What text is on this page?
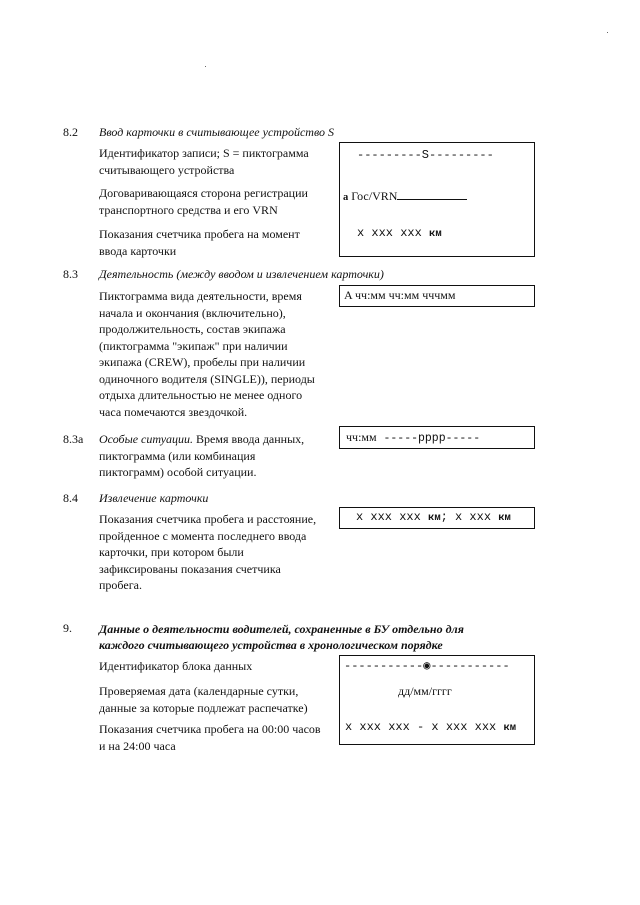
8.2 Ввод карточки в считывающее устройство S
Идентификатор записи; S = пиктограмма
считывающего устройства
Договаривающаяся сторона регистрации
транспортного средства и его VRN
Показания счетчика пробега на момент
ввода карточки
---------S---------
a Гос/VRN
x xxx xxx км
8.3 Деятельность (между вводом и извлечением карточки)
Пиктограмма вида деятельности, время
начала и окончания (включительно),
продолжительность, состав экипажа
(пиктограмма "экипаж" при наличии
экипажа (CREW), пробелы при наличии
одиночного водителя (SINGLE)), периоды
отдыха длительностью не менее одного
часа помечаются звездочкой.
A чч:мм чч:мм чччмм
8.3a Особые ситуации. Время ввода данных,
пиктограмма (или комбинация
пиктограмм) особой ситуации.
чч:мм -----pppp-----
8.4 Извлечение карточки
Показания счетчика пробега и расстояние,
пройденное с момента последнего ввода
карточки, при котором были
зафиксированы показания счетчика
пробега.
x xxx xxx км; x xxx км
9. Данные о деятельности водителей, сохраненные в БУ отдельно для
каждого считывающего устройства в хронологическом порядке
Идентификатор блока данных
Проверяемая дата (календарные сутки,
данные за которые подлежат распечатке)
Показания счетчика пробега на 00:00 часов
и на 24:00 часа
-----------◉-----------
дд/мм/гггг
x xxx xxx - x xxx xxx км
